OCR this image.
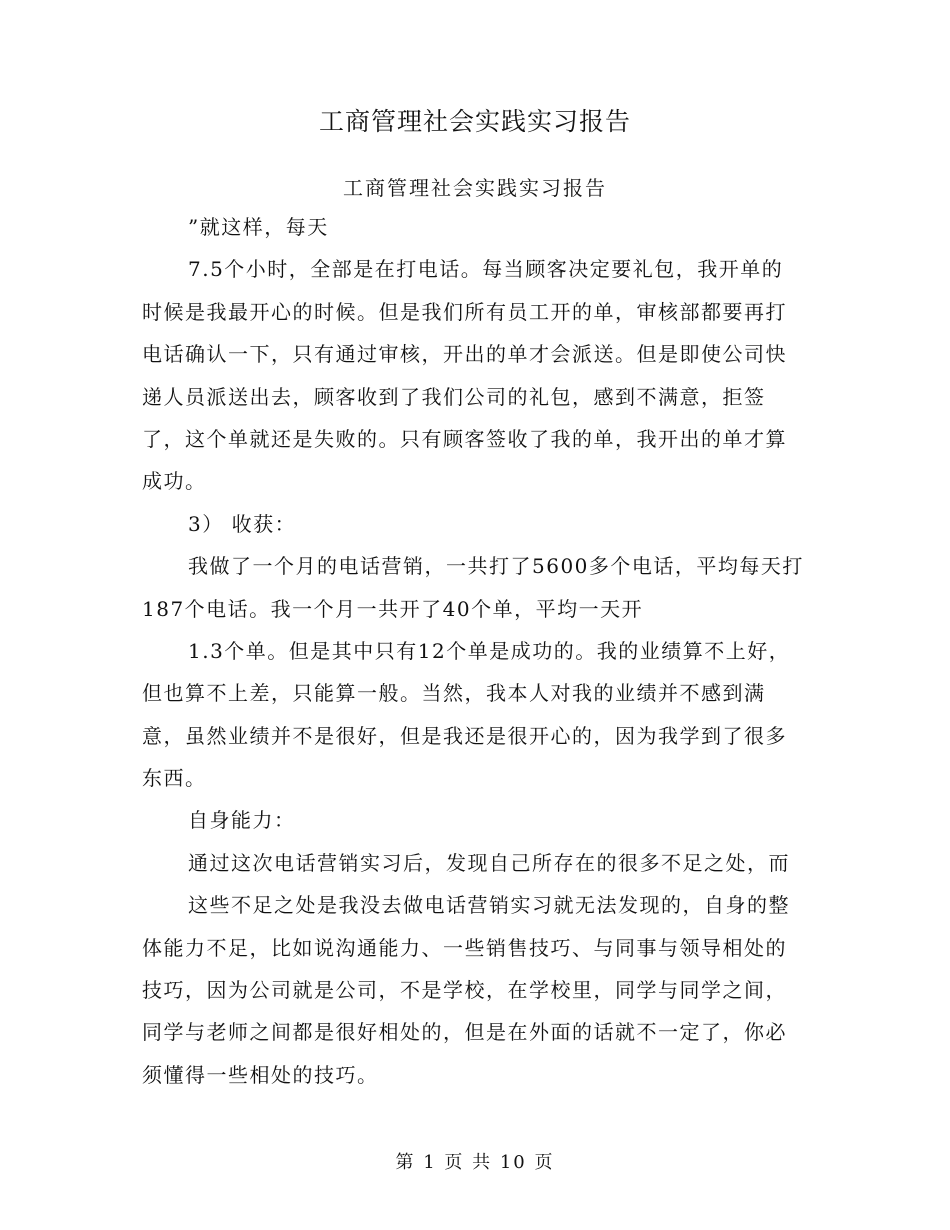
工商管理社会实践实习报告
工商管理社会实践实习报告
”就这样，每天
7.5个小时，全部是在打电话。每当顾客决定要礼包，我开单的
时候是我最开心的时候。但是我们所有员工开的单，审核部都要再打
电话确认一下，只有通过审核，开出的单才会派送。但是即使公司快
递人员派送出去，顾客收到了我们公司的礼包，感到不满意，拒签
了，这个单就还是失败的。只有顾客签收了我的单，我开出的单才算
成功。
3） 收获：
我做了一个月的电话营销，一共打了5600多个电话，平均每天打
187个电话。我一个月一共开了40个单，平均一天开
1.3个单。但是其中只有12个单是成功的。我的业绩算不上好，
但也算不上差，只能算一般。当然，我本人对我的业绩并不感到满
意，虽然业绩并不是很好，但是我还是很开心的，因为我学到了很多
东西。
自身能力：
通过这次电话营销实习后，发现自己所存在的很多不足之处，而
这些不足之处是我没去做电话营销实习就无法发现的，自身的整
体能力不足，比如说沟通能力、一些销售技巧、与同事与领导相处的
技巧，因为公司就是公司，不是学校，在学校里，同学与同学之间，
同学与老师之间都是很好相处的，但是在外面的话就不一定了，你必
须懂得一些相处的技巧。
第 1 页 共 10 页
